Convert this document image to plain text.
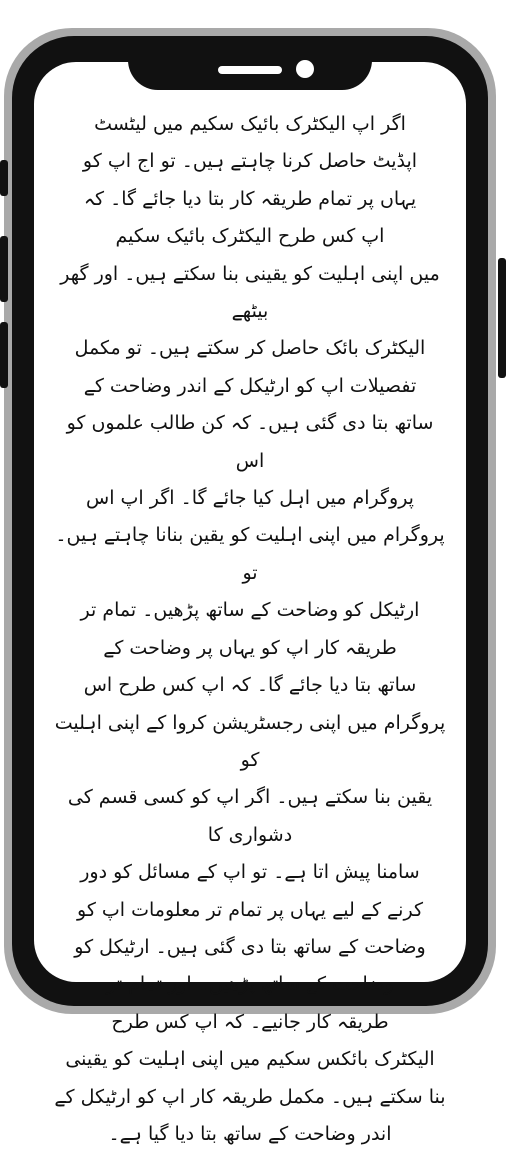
اگر اپ الیکٹرک بائیک سکیم میں لیٹسٹ
اپڈیٹ حاصل کرنا چاہتے ہیں۔ تو اج اپ کو
یہاں پر تمام طریقہ کار بتا دیا جائے گا۔ کہ
اپ کس طرح الیکٹرک بائیک سکیم
میں اپنی اہلیت کو یقینی بنا سکتے ہیں۔ اور گھر بیٹھے
الیکٹرک بائک حاصل کر سکتے ہیں۔ تو مکمل
تفصیلات اپ کو ارٹیکل کے اندر وضاحت کے
ساتھ بتا دی گئی ہیں۔ کہ کن طالب علموں کو اس
پروگرام میں اہل کیا جائے گا۔ اگر اپ اس
پروگرام میں اپنی اہلیت کو یقین بنانا چاہتے ہیں۔ تو
ارٹیکل کو وضاحت کے ساتھ پڑھیں۔ تمام تر
طریقہ کار اپ کو یہاں پر وضاحت کے
ساتھ بتا دیا جائے گا۔ کہ اپ کس طرح اس
پروگرام میں اپنی رجسٹریشن کروا کے اپنی اہلیت کو
یقین بنا سکتے ہیں۔ اگر اپ کو کسی قسم کی دشواری کا
سامنا پیش اتا ہے۔ تو اپ کے مسائل کو دور
کرنے کے لیے یہاں پر تمام تر معلومات اپ کو
وضاحت کے ساتھ بتا دی گئی ہیں۔ ارٹیکل کو
وضاحت کے ساتھ پڑھیں۔ اور تمام تر
طریقہ کار جانیے۔ کہ اپ کس طرح
الیکٹرک بائکس سکیم میں اپنی اہلیت کو یقینی
بنا سکتے ہیں۔ مکمل طریقہ کار اپ کو ارٹیکل کے
اندر وضاحت کے ساتھ بتا دیا گیا ہے۔
